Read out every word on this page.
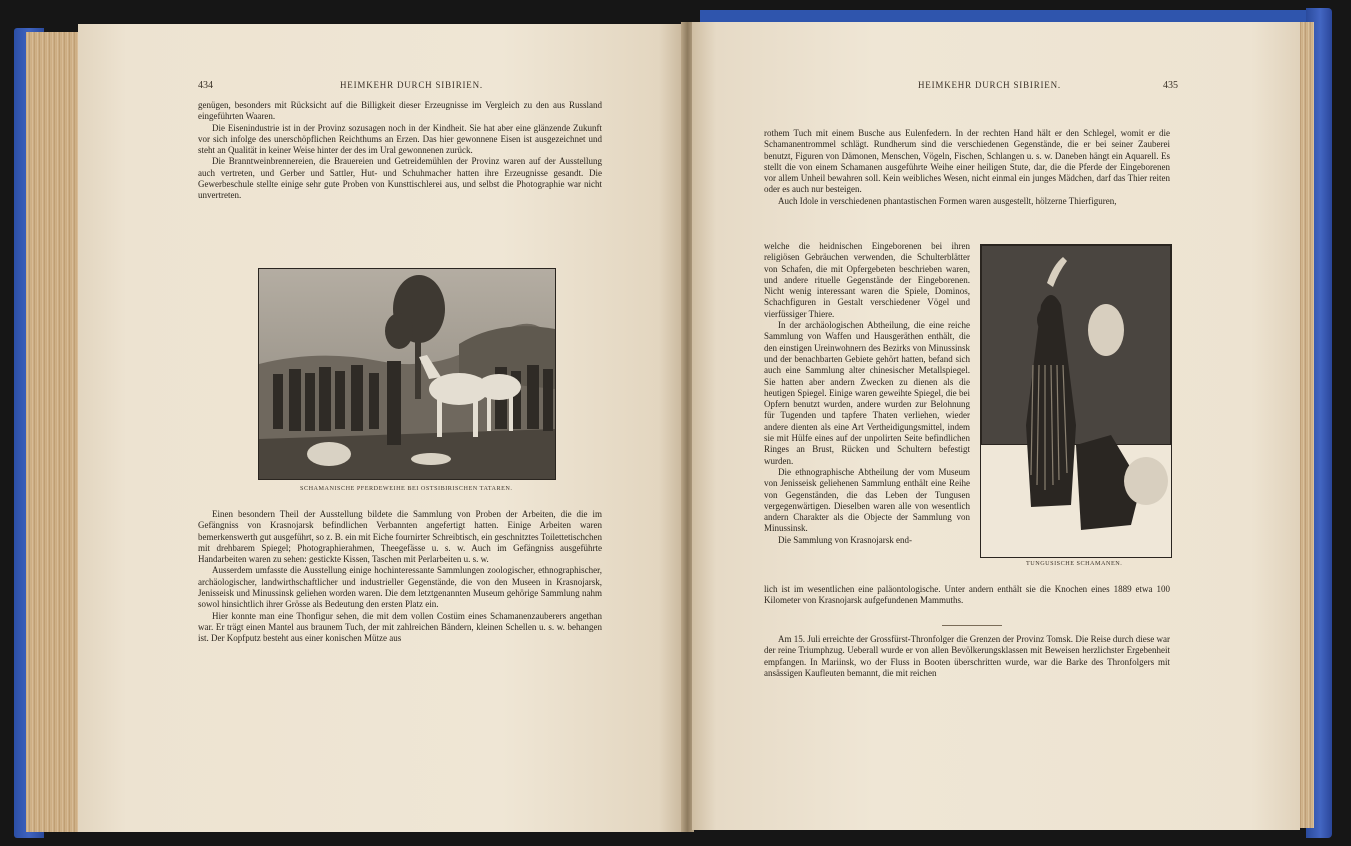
434	HEIMKEHR DURCH SIBIRIEN.

genügen, besonders mit Rücksicht auf die Billigkeit dieser Erzeugnisse im Vergleich zu den aus Russland eingeführten Waaren.

Die Eisenindustrie ist in der Provinz sozusagen noch in der Kindheit. Sie hat aber eine glänzende Zukunft vor sich infolge des unerschöpflichen Reichthums an Erzen. Das hier gewonnene Eisen ist ausgezeichnet und steht an Qualität in keiner Weise hinter der des im Ural gewonnenen zurück.

Die Branntweinbrennereien, die Brauereien und Getreidemühlen der Provinz waren auf der Ausstellung auch vertreten, und Gerber und Sattler, Hut- und Schuhmacher hatten ihre Erzeugnisse gesandt. Die Gewerbeschule stellte einige sehr gute Proben von Kunsttischlerei aus, und selbst die Photographie war nicht unvertreten.

SCHAMANISCHE PFERDEWEIHE BEI OSTSIBIRISCHEN TATAREN.

Einen besondern Theil der Ausstellung bildete die Sammlung von Proben der Arbeiten, die die im Gefängniss von Krasnojarsk befindlichen Verbannten angefertigt hatten. Einige Arbeiten waren bemerkenswerth gut ausgeführt, so z. B. ein mit Eiche fournirter Schreibtisch, ein geschnitztes Toilettetischchen mit drehbarem Spiegel; Photographierahmen, Theegefässe u. s. w. Auch im Gefängniss ausgeführte Handarbeiten waren zu sehen: gestickte Kissen, Taschen mit Perlarbeiten u. s. w.

Ausserdem umfasste die Ausstellung einige hochinteressante Sammlungen zoologischer, ethnographischer, archäologischer, landwirthschaftlicher und industrieller Gegenstände, die von den Museen in Krasnojarsk, Jenisseisk und Minussinsk geliehen worden waren. Die dem letztgenannten Museum gehörige Sammlung nahm sowol hinsichtlich ihrer Grösse als Bedeutung den ersten Platz ein.

Hier konnte man eine Thonfigur sehen, die mit dem vollen Costüm eines Schamanenzauberers angethan war. Er trägt einen Mantel aus braunem Tuch, der mit zahlreichen Bändern, kleinen Schellen u. s. w. behangen ist. Der Kopfputz besteht aus einer konischen Mütze aus

HEIMKEHR DURCH SIBIRIEN.	435

rothem Tuch mit einem Busche aus Eulenfedern. In der rechten Hand hält er den Schlegel, womit er die Schamanentrommel schlägt. Rundherum sind die verschiedenen Gegenstände, die er bei seiner Zauberei benutzt, Figuren von Dämonen, Menschen, Vögeln, Fischen, Schlangen u. s. w. Daneben hängt ein Aquarell. Es stellt die von einem Schamanen ausgeführte Weihe einer heiligen Stute, dar, die die Pferde der Eingeborenen vor allem Unheil bewahren soll. Kein weibliches Wesen, nicht einmal ein junges Mädchen, darf das Thier reiten oder es auch nur besteigen.

Auch Idole in verschiedenen phantastischen Formen waren ausgestellt, hölzerne Thierfiguren,

welche die heidnischen Eingeborenen bei ihren religiösen Gebräuchen verwenden, die Schulterblätter von Schafen, die mit Opfergebeten beschrieben waren, und andere rituelle Gegenstände der Eingeborenen. Nicht wenig interessant waren die Spiele, Dominos, Schachfiguren in Gestalt verschiedener Vögel und vierfüssiger Thiere.

In der archäologischen Abtheilung, die eine reiche Sammlung von Waffen und Hausgeräthen enthält, die den einstigen Ureinwohnern des Bezirks von Minussinsk und der benachbarten Gebiete gehört hatten, befand sich auch eine Sammlung alter chinesischer Metallspiegel. Sie hatten aber andern Zwecken zu dienen als die heutigen Spiegel. Einige waren geweihte Spiegel, die bei Opfern benutzt wurden, andere wurden zur Belohnung für Tugenden und tapfere Thaten verliehen, wieder andere dienten als eine Art Vertheidigungsmittel, indem sie mit Hülfe eines auf der unpolirten Seite befindlichen Ringes an Brust, Rücken und Schultern befestigt wurden.

Die ethnographische Abtheilung der vom Museum von Jenisseisk geliehenen Sammlung enthält eine Reihe von Gegenständen, die das Leben der Tungusen vergegenwärtigen. Dieselben waren alle von wesentlich andern Charakter als die Objecte der Sammlung von Minussinsk.

Die Sammlung von Krasnojarsk end-

TUNGUSISCHE SCHAMANEN.

lich ist im wesentlichen eine paläontologische. Unter andern enthält sie die Knochen eines 1889 etwa 100 Kilometer von Krasnojarsk aufgefundenen Mammuths.

Am 15. Juli erreichte der Grossfürst-Thronfolger die Grenzen der Provinz Tomsk. Die Reise durch diese war der reine Triumphzug. Ueberall wurde er von allen Bevölkerungsklassen mit Beweisen herzlichster Ergebenheit empfangen. In Mariinsk, wo der Fluss in Booten überschritten wurde, war die Barke des Thronfolgers mit ansässigen Kaufleuten bemannt, die mit reichen
